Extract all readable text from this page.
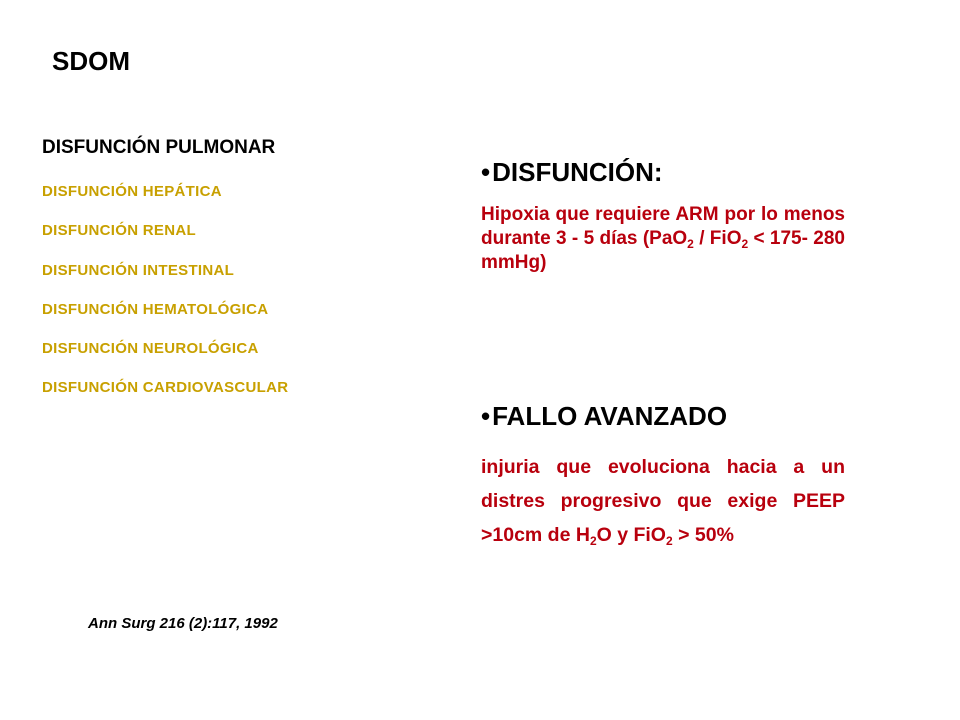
SDOM
DISFUNCIÓN PULMONAR
DISFUNCIÓN HEPÁTICA
DISFUNCIÓN RENAL
DISFUNCIÓN INTESTINAL
DISFUNCIÓN HEMATOLÓGICA
DISFUNCIÓN NEUROLÓGICA
DISFUNCIÓN CARDIOVASCULAR
•DISFUNCIÓN:
Hipoxia que requiere ARM por lo menos durante 3 - 5 días (PaO$_2$ / FiO$_2$ < 175- 280 mmHg)
•FALLO AVANZADO
injuria que evoluciona hacia a un distres progresivo que exige PEEP >10cm de $H_2O$ y FiO$_2$ > 50%
Ann Surg 216 (2):117, 1992
